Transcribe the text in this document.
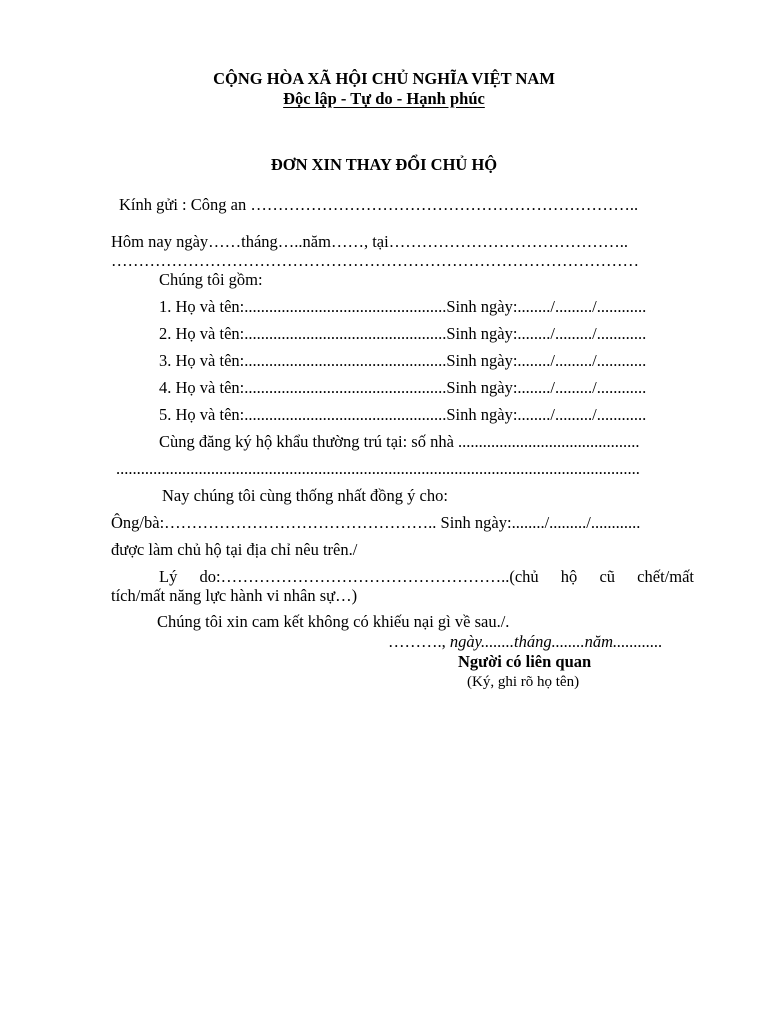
CỘNG HÒA XÃ HỘI CHỦ NGHĨA VIỆT NAM
Độc lập - Tự do - Hạnh phúc
ĐƠN XIN THAY ĐỔI CHỦ HỘ
Kính gửi : Công an ……………………………………………………………..
Hôm nay ngày……tháng…..năm……, tại……………………………………..
……………………………………………………………………………………
Chúng tôi gồm:
1. Họ và tên:.................................................Sinh ngày:......../........./............
2. Họ và tên:.................................................Sinh ngày:......../........./............
3. Họ và tên:.................................................Sinh ngày:......../........./............
4. Họ và tên:.................................................Sinh ngày:......../........./............
5. Họ và tên:.................................................Sinh ngày:......../........./............
Cùng đăng ký hộ khẩu thường trú tại: số nhà ............................................
...............................................................................................................................
Nay chúng tôi cùng thống nhất đồng ý cho:
Ông/bà:………………………………………….. Sinh ngày:......../........./............
được làm chủ hộ tại địa chỉ nêu trên./
Lý do:……………………………………………..(chủ hộ cũ chết/mất
tích/mất năng lực hành vi nhân sự…)
Chúng tôi xin cam kết không có khiếu nại gì về sau./.
………., ngày........tháng........năm............
Người có liên quan
(Ký, ghi rõ họ tên)
